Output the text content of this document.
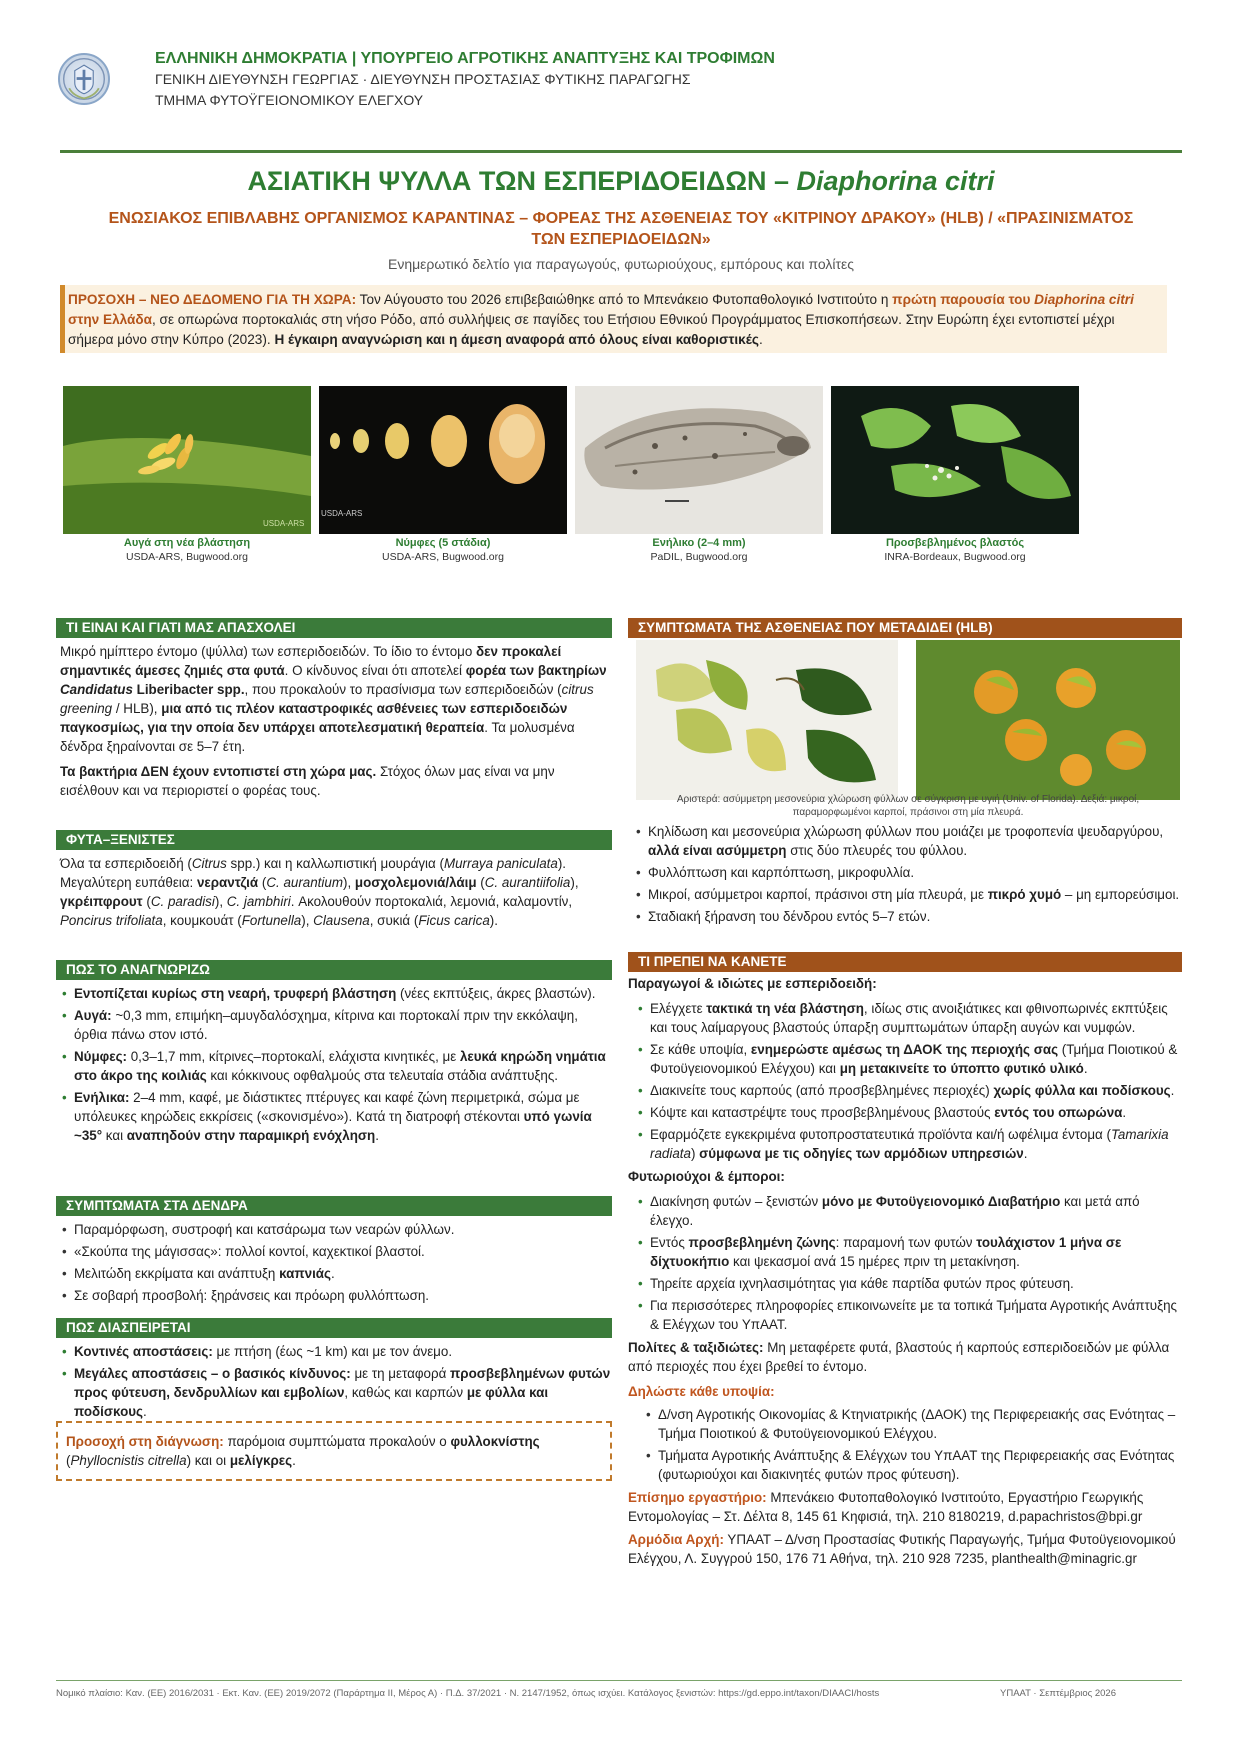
ΕΛΛΗΝΙΚΗ ΔΗΜΟΚΡΑΤΙΑ | ΥΠΟΥΡΓΕΙΟ ΑΓΡΟΤΙΚΗΣ ΑΝΑΠΤΥΞΗΣ ΚΑΙ ΤΡΟΦΙΜΩΝ
ΓΕΝΙΚΗ ΔΙΕΥΘΥΝΣΗ ΓΕΩΡΓΙΑΣ · ΔΙΕΥΘΥΝΣΗ ΠΡΟΣΤΑΣΙΑΣ ΦΥΤΙΚΗΣ ΠΑΡΑΓΩΓΗΣ
ΤΜΗΜΑ ΦΥΤΟΫΓΕΙΟΝΟΜΙΚΟΥ ΕΛΕΓΧΟΥ
ΑΣΙΑΤΙΚΗ ΨΥΛΛΑ ΤΩΝ ΕΣΠΕΡΙΔΟΕΙΔΩΝ – Diaphorina citri
ΕΝΩΣΙΑΚΟΣ ΕΠΙΒΛΑΒΗΣ ΟΡΓΑΝΙΣΜΟΣ ΚΑΡΑΝΤΙΝΑΣ – ΦΟΡΕΑΣ ΤΗΣ ΑΣΘΕΝΕΙΑΣ ΤΟΥ «ΚΙΤΡΙΝΟΥ ΔΡΑΚΟΥ» (HLB) / «ΠΡΑΣΙΝΙΣΜΑΤΟΣ ΤΩΝ ΕΣΠΕΡΙΔΟΕΙΔΩΝ»
Ενημερωτικό δελτίο για παραγωγούς, φυτωριούχους, εμπόρους και πολίτες
ΠΡΟΣΟΧΗ – ΝΕΟ ΔΕΔΟΜΕΝΟ ΓΙΑ ΤΗ ΧΩΡΑ: Τον Αύγουστο του 2026 επιβεβαιώθηκε από το Μπενάκειο Φυτοπαθολογικό Ινστιτούτο η πρώτη παρουσία του Diaphorina citri στην Ελλάδα, σε οπωρώνα πορτοκαλιάς στη νήσο Ρόδο, από συλλήψεις σε παγίδες του Ετήσιου Εθνικού Προγράμματος Επισκοπήσεων. Στην Ευρώπη έχει εντοπιστεί μέχρι σήμερα μόνο στην Κύπρο (2023). Η έγκαιρη αναγνώριση και η άμεση αναφορά από όλους είναι καθοριστικές.
USDA-ARS
USDA-ARS
Αυγά στη νέα βλάστηση
USDA-ARS, Bugwood.org
Νύμφες (5 στάδια)
USDA-ARS, Bugwood.org
Ενήλικο (2–4 mm)
PaDIL, Bugwood.org
Προσβεβλημένος βλαστός
INRA-Bordeaux, Bugwood.org
ΤΙ ΕΙΝΑΙ ΚΑΙ ΓΙΑΤΙ ΜΑΣ ΑΠΑΣΧΟΛΕΙ

Μικρό ημίπτερο έντομο (ψύλλα) των εσπεριδοειδών. Το ίδιο το έντομο δεν προκαλεί σημαντικές άμεσες ζημιές στα φυτά. Ο κίνδυνος είναι ότι αποτελεί φορέα των βακτηρίων Candidatus Liberibacter spp., που προκαλούν το πρασίνισμα των εσπεριδοειδών (citrus greening / HLB), μια από τις πλέον καταστροφικές ασθένειες των εσπεριδοειδών παγκοσμίως, για την οποία δεν υπάρχει αποτελεσματική θεραπεία. Τα μολυσμένα δένδρα ξηραίνονται σε 5–7 έτη.

Τα βακτήρια ΔΕΝ έχουν εντοπιστεί στη χώρα μας. Στόχος όλων μας είναι να μην εισέλθουν και να περιοριστεί ο φορέας τους.

ΦΥΤΑ–ΞΕΝΙΣΤΕΣ

Όλα τα εσπεριδοειδή (Citrus spp.) και η καλλωπιστική μουράγια (Murraya paniculata). Μεγαλύτερη ευπάθεια: νεραντζιά (C. aurantium), μοσχολεμονιά/λάιμ (C. aurantiifolia), γκρέιπφρουτ (C. paradisi), C. jambhiri. Ακολουθούν πορτοκαλιά, λεμονιά, καλαμοντίν, Poncirus trifoliata, κουμκουάτ (Fortunella), Clausena, συκιά (Ficus carica).

ΠΩΣ ΤΟ ΑΝΑΓΝΩΡΙΖΩ
• Εντοπίζεται κυρίως στη νεαρή, τρυφερή βλάστηση (νέες εκπτύξεις, άκρες βλαστών).
• Αυγά: ~0,3 mm, επιμήκη–αμυγδαλόσχημα, κίτρινα και πορτοκαλί πριν την εκκόλαψη, όρθια πάνω στον ιστό.
• Νύμφες: 0,3–1,7 mm, κίτρινες–πορτοκαλί, ελάχιστα κινητικές, με λευκά κηρώδη νημάτια στο άκρο της κοιλιάς και κόκκινους οφθαλμούς στα τελευταία στάδια ανάπτυξης.
• Ενήλικα: 2–4 mm, καφέ, με διάστικτες πτέρυγες και καφέ ζώνη περιμετρικά, σώμα με υπόλευκες κηρώδεις εκκρίσεις («σκονισμένο»). Κατά τη διατροφή στέκονται υπό γωνία ~35° και αναπηδούν στην παραμικρή ενόχληση.
ΣΥΜΠΤΩΜΑΤΑ ΣΤΑ ΔΕΝΔΡΑ
• Παραμόρφωση, συστροφή και κατσάρωμα των νεαρών φύλλων.
• «Σκούπα της μάγισσας»: πολλοί κοντοί, καχεκτικοί βλαστοί.
• Μελιτώδη εκκρίματα και ανάπτυξη καπνιάς.
• Σε σοβαρή προσβολή: ξηράνσεις και πρόωρη φυλλόπτωση.
ΠΩΣ ΔΙΑΣΠΕΙΡΕΤΑΙ
• Κοντινές αποστάσεις: με πτήση (έως ~1 km) και με τον άνεμο.
• Μεγάλες αποστάσεις – ο βασικός κίνδυνος: με τη μεταφορά προσβεβλημένων φυτών προς φύτευση, δενδρυλλίων και εμβολίων, καθώς και καρπών με φύλλα και ποδίσκους.
Προσοχή στη διάγνωση: παρόμοια συμπτώματα προκαλούν ο φυλλοκνίστης
(Phyllocnistis citrella) και οι μελίγκρες.
ΣΥΜΠΤΩΜΑΤΑ ΤΗΣ ΑΣΘΕΝΕΙΑΣ ΠΟΥ ΜΕΤΑΔΙΔΕΙ (HLB)
Αριστερά: ασύμμετρη μεσονεύρια χλώρωση φύλλων σε σύγκριση με υγιή (Univ. of Florida). Δεξιά: μικροί,
παραμορφωμένοι καρποί, πράσινοι στη μία πλευρά.
• Κηλίδωση και μεσονεύρια χλώρωση φύλλων που μοιάζει με τροφοπενία ψευδαργύρου, αλλά είναι ασύμμετρη στις δύο πλευρές του φύλλου.
• Φυλλόπτωση και καρπόπτωση, μικροφυλλία.
• Μικροί, ασύμμετροι καρποί, πράσινοι στη μία πλευρά, με πικρό χυμό – μη εμπορεύσιμοι.
• Σταδιακή ξήρανση του δένδρου εντός 5–7 ετών.
ΤΙ ΠΡΕΠΕΙ ΝΑ ΚΑΝΕΤΕ

Παραγωγοί & ιδιώτες με εσπεριδοειδή:

• Ελέγχετε τακτικά τη νέα βλάστηση, ιδίως στις ανοιξιάτικες και φθινοπωρινές εκπτύξεις και τους λαίμαργους βλαστούς ύπαρξη συμπτωμάτων ύπαρξη αυγών και νυμφών.
• Σε κάθε υποψία, ενημερώστε αμέσως τη ΔΑΟΚ της περιοχής σας (Τμήμα Ποιοτικού & Φυτοϋγειονομικού Ελέγχου) και μη μετακινείτε το ύποπτο φυτικό υλικό.
• Διακινείτε τους καρπούς (από προσβεβλημένες περιοχές) χωρίς φύλλα και ποδίσκους.
• Κόψτε και καταστρέψτε τους προσβεβλημένους βλαστούς εντός του οπωρώνα.
• Εφαρμόζετε εγκεκριμένα φυτοπροστατευτικά προϊόντα και/ή ωφέλιμα έντομα (Tamarixia radiata) σύμφωνα με τις οδηγίες των αρμόδιων υπηρεσιών.

Φυτωριούχοι & έμποροι:

• Διακίνηση φυτών – ξενιστών μόνο με Φυτοϋγειονομικό Διαβατήριο και μετά από έλεγχο.
• Εντός προσβεβλημένη ζώνης: παραμονή των φυτών τουλάχιστον 1 μήνα σε δίχτυοκήπιο και ψεκασμοί ανά 15 ημέρες πριν τη μετακίνηση.
• Τηρείτε αρχεία ιχνηλασιμότητας για κάθε παρτίδα φυτών προς φύτευση.
• Για περισσότερες πληροφορίες επικοινωνείτε με τα τοπικά Τμήματα Αγροτικής Ανάπτυξης & Ελέγχων του ΥπΑΑΤ.

Πολίτες & ταξιδιώτες: Μη μεταφέρετε φυτά, βλαστούς ή καρπούς εσπεριδοειδών με φύλλα από περιοχές που έχει βρεθεί το έντομο.

Δηλώστε κάθε υποψία:

• Δ/νση Αγροτικής Οικονομίας & Κτηνιατρικής (ΔΑΟΚ) της Περιφερειακής σας Ενότητας – Τμήμα Ποιοτικού & Φυτοϋγειονομικού Ελέγχου.
• Τμήματα Αγροτικής Ανάπτυξης & Ελέγχων του ΥπΑΑΤ της Περιφερειακής σας Ενότητας (φυτωριούχοι και διακινητές φυτών προς φύτευση).

Επίσημο εργαστήριο: Μπενάκειο Φυτοπαθολογικό Ινστιτούτο, Εργαστήριο Γεωργικής Εντομολογίας – Στ. Δέλτα 8, 145 61 Κηφισιά, τηλ. 210 8180219, d.papachristos@bpi.gr

Αρμόδια Αρχή: ΥΠΑΑΤ – Δ/νση Προστασίας Φυτικής Παραγωγής, Τμήμα Φυτοϋγειονομικού Ελέγχου, Λ. Συγγρού 150, 176 71 Αθήνα, τηλ. 210 928 7235, planthealth@minagric.gr

Νομικό πλαίσιο: Καν. (ΕΕ) 2016/2031 · Εκτ. Καν. (ΕΕ) 2019/2072 (Παράρτημα ΙΙ, Μέρος Α) · Π.Δ. 37/2021 · Ν. 2147/1952, όπως ισχύει. Κατάλογος ξενιστών: https://gd.eppo.int/taxon/DIAACI/hosts	ΥΠΑΑΤ · Σεπτέμβριος 2026
